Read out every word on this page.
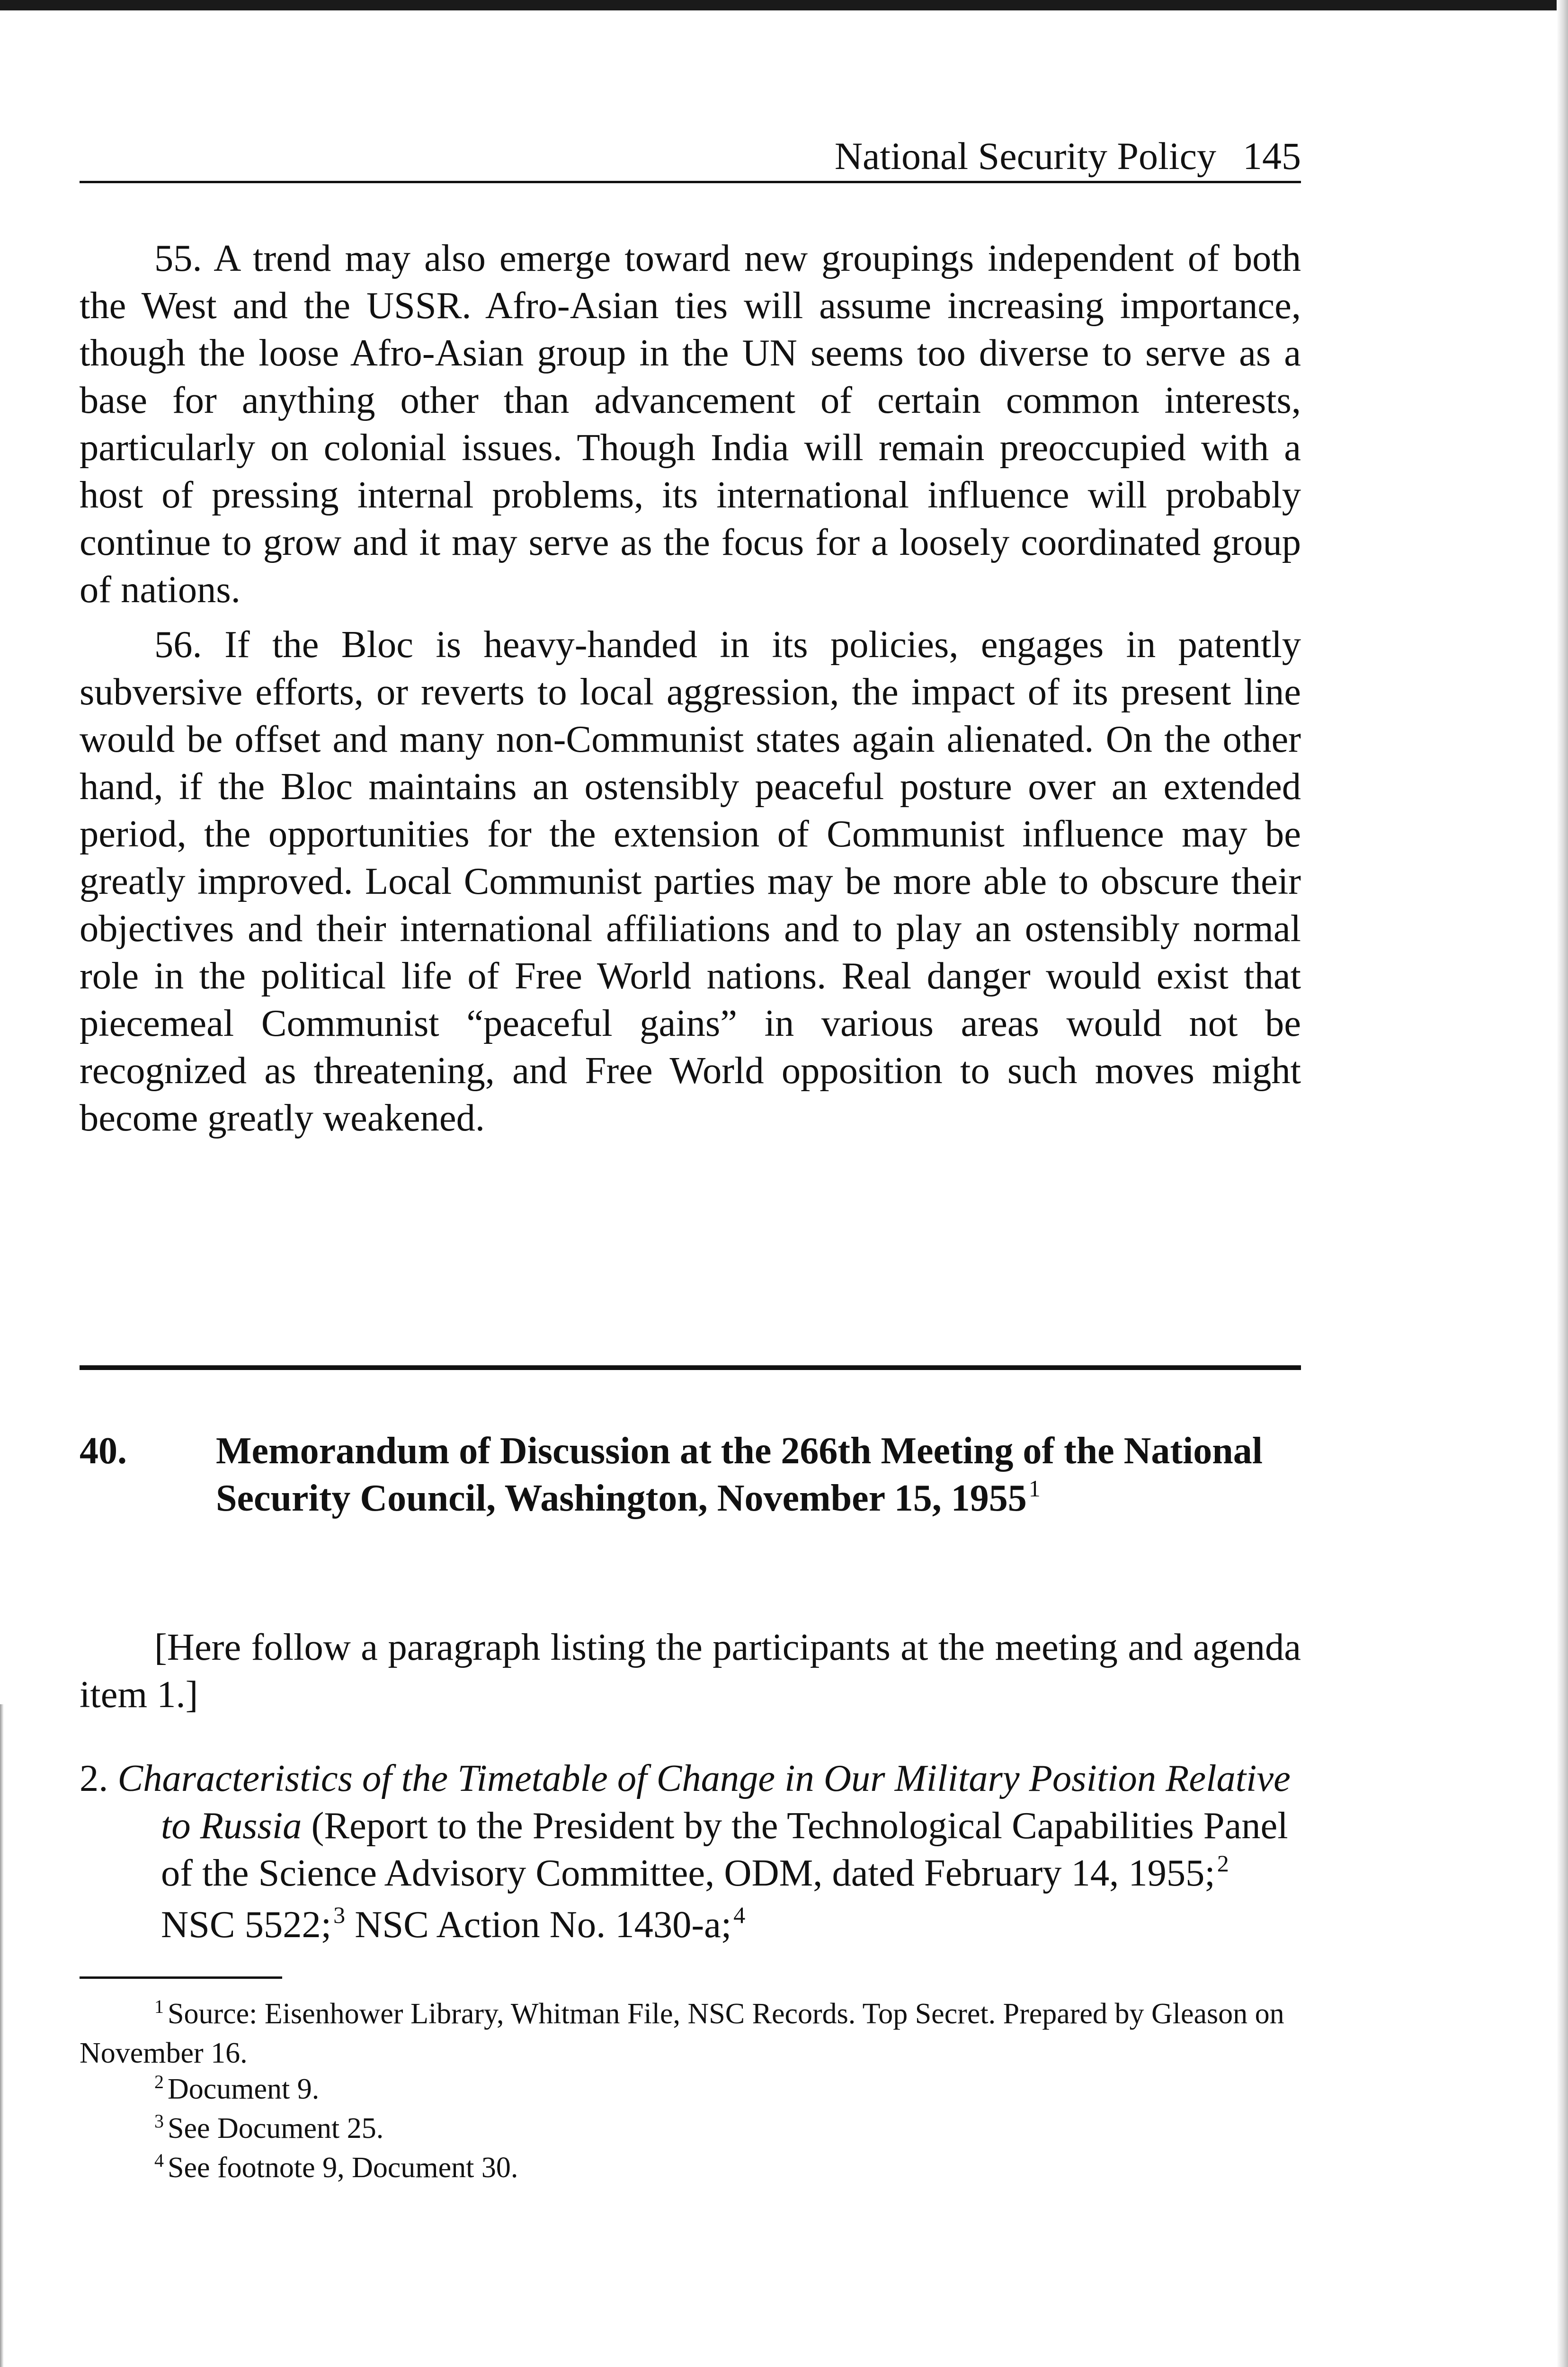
National Security Policy 145

55. A trend may also emerge toward new groupings independent of both the West and the USSR. Afro-Asian ties will assume increasing importance, though the loose Afro-Asian group in the UN seems too diverse to serve as a base for anything other than advancement of certain common interests, particularly on colonial issues. Though India will remain preoccupied with a host of pressing internal problems, its international influence will probably continue to grow and it may serve as the focus for a loosely coordinated group of nations.

56. If the Bloc is heavy-handed in its policies, engages in patently subversive efforts, or reverts to local aggression, the impact of its present line would be offset and many non-Communist states again alienated. On the other hand, if the Bloc maintains an ostensibly peaceful posture over an extended period, the opportunities for the extension of Communist influence may be greatly improved. Local Communist parties may be more able to obscure their objectives and their international affiliations and to play an ostensibly normal role in the political life of Free World nations. Real danger would exist that piecemeal Communist “peaceful gains” in various areas would not be recognized as threatening, and Free World opposition to such moves might become greatly weakened.

40. Memorandum of Discussion at the 266th Meeting of the National Security Council, Washington, November 15, 1955$^1$
[Here follow a paragraph listing the participants at the meeting and agenda item 1.]
2. Characteristics of the Timetable of Change in Our Military Position Relative to Russia (Report to the President by the Technological Capabilities Panel of the Science Advisory Committee, ODM, dated February 14, 1955;$^2$ NSC 5522;$^3$ NSC Action No. 1430-a;$^4$
$^1$ Source: Eisenhower Library, Whitman File, NSC Records. Top Secret. Prepared by Gleason on November 16.
$^2$ Document 9.
$^3$ See Document 25.
$^4$ See footnote 9, Document 30.
